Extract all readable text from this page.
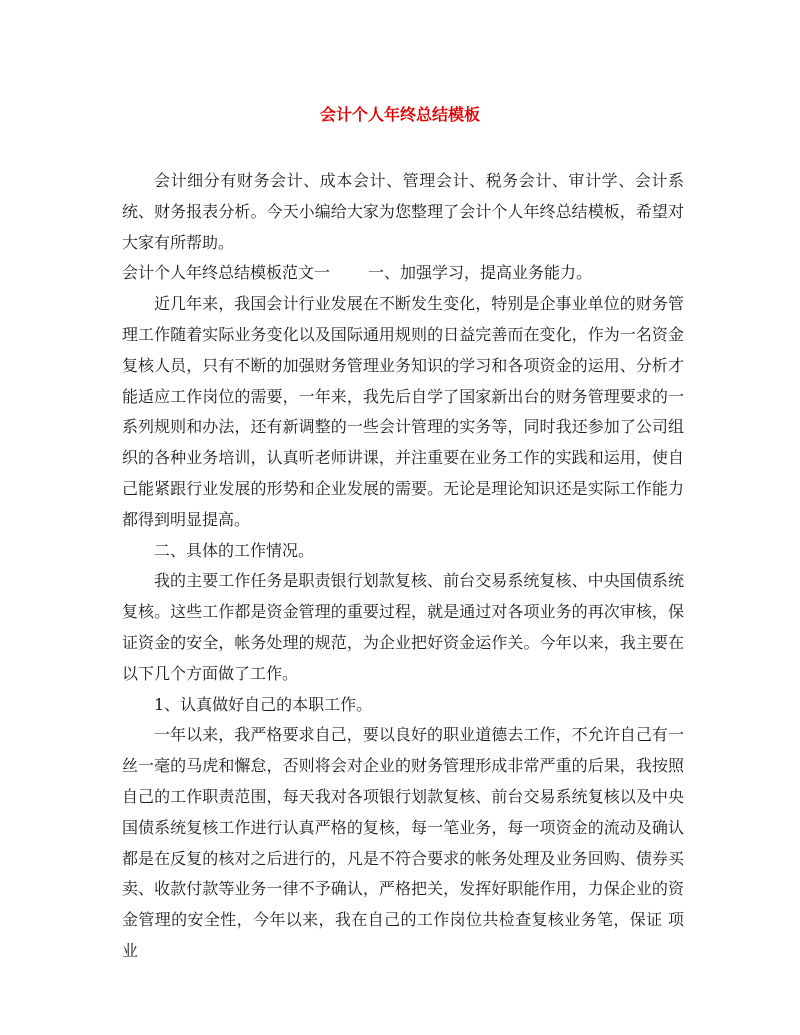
会计个人年终总结模板

会计细分有财务会计、成本会计、管理会计、税务会计、审计学、会计系统、财务报表分析。今天小编给大家为您整理了会计个人年终总结模板，希望对大家有所帮助。

会计个人年终总结模板范文一 一、加强学习，提高业务能力。

近几年来，我国会计行业发展在不断发生变化，特别是企事业单位的财务管理工作随着实际业务变化以及国际通用规则的日益完善而在变化，作为一名资金复核人员，只有不断的加强财务管理业务知识的学习和各项资金的运用、分析才能适应工作岗位的需要，一年来，我先后自学了国家新出台的财务管理要求的一系列规则和办法，还有新调整的一些会计管理的实务等，同时我还参加了公司组织的各种业务培训，认真听老师讲课，并注重要在业务工作的实践和运用，使自己能紧跟行业发展的形势和企业发展的需要。无论是理论知识还是实际工作能力都得到明显提高。

二、具体的工作情况。

我的主要工作任务是职责银行划款复核、前台交易系统复核、中央国债系统复核。这些工作都是资金管理的重要过程，就是通过对各项业务的再次审核，保证资金的安全，帐务处理的规范，为企业把好资金运作关。今年以来，我主要在以下几个方面做了工作。

1、认真做好自己的本职工作。

一年以来，我严格要求自己，要以良好的职业道德去工作，不允许自己有一丝一毫的马虎和懈怠，否则将会对企业的财务管理形成非常严重的后果，我按照自己的工作职责范围，每天我对各项银行划款复核、前台交易系统复核以及中央国债系统复核工作进行认真严格的复核，每一笔业务，每一项资金的流动及确认都是在反复的核对之后进行的，凡是不符合要求的帐务处理及业务回购、债券买卖、收款付款等业务一律不予确认，严格把关，发挥好职能作用，力保企业的资金管理的安全性，今年以来，我在自己的工作岗位共检查复核业务笔，保证 项业
